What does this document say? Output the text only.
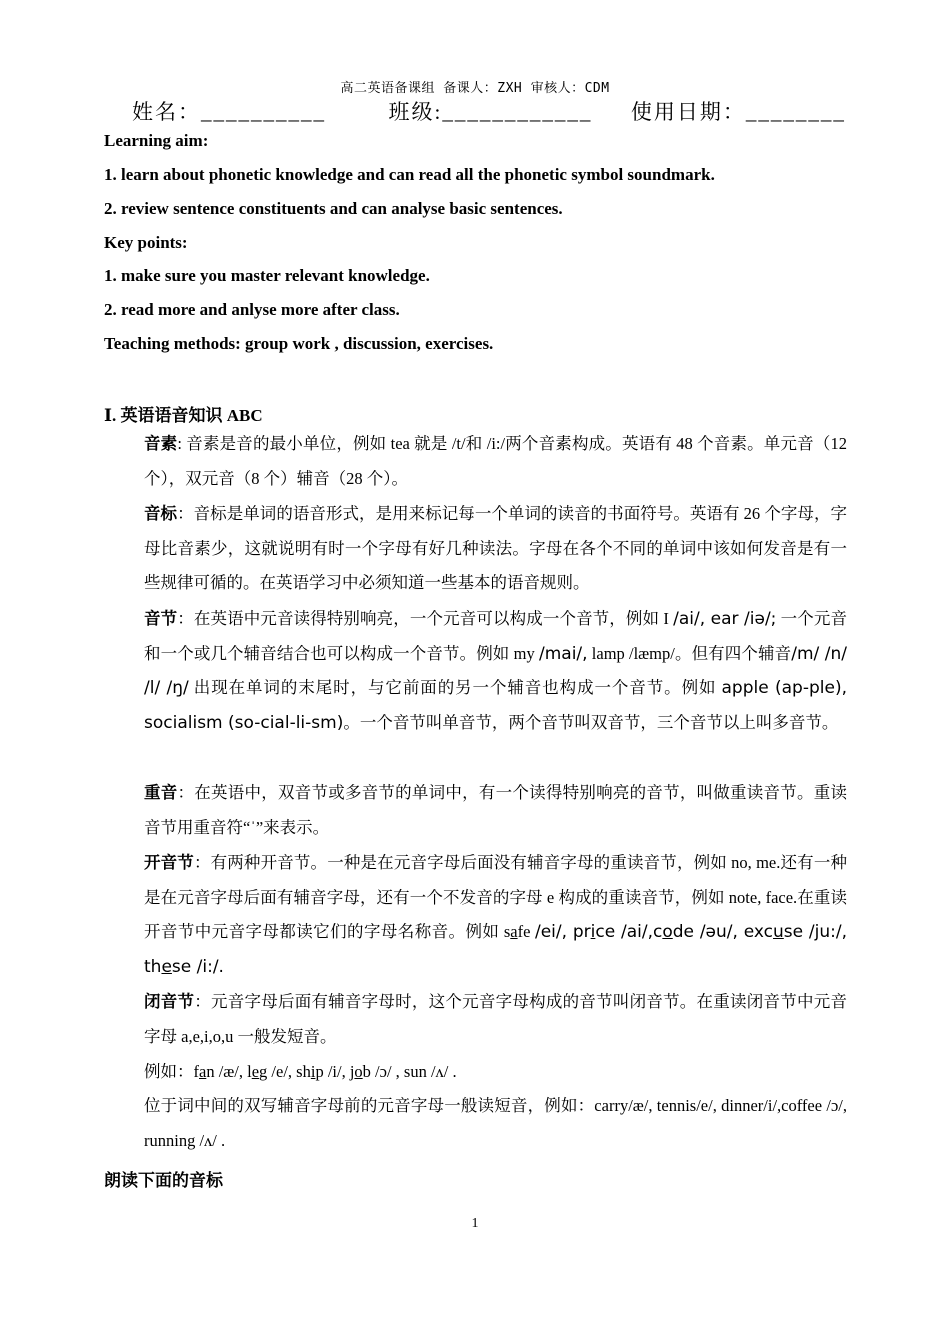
高二英语备课组 备课人：ZXH 审核人：CDM
姓名：__________	班级:____________ 使用日期：________
Learning aim:
1. learn about phonetic knowledge and can read all the phonetic symbol soundmark.
2. review sentence constituents and can analyse basic sentences.
Key points:
1. make sure you master relevant knowledge.
2. read more and anlyse more after class.
Teaching methods: group work , discussion, exercises.
Ⅰ. 英语语音知识 ABC
音素: 音素是音的最小单位，例如 tea 就是 /t/和 /i:/两个音素构成。英语有 48 个音素。单元音（12 个），双元音（8 个）辅音（28 个）。
音标：音标是单词的语音形式，是用来标记每一个单词的读音的书面符号。英语有 26 个字母，字母比音素少，这就说明有时一个字母有好几种读法。字母在各个不同的单词中该如何发音是有一些规律可循的。在英语学习中必须知道一些基本的语音规则。
音节：在英语中元音读得特别响亮，一个元音可以构成一个音节，例如 I /ai/, ear /iə/; 一个元音和一个或几个辅音结合也可以构成一个音节。例如 my /mai/, lamp /læmp/。但有四个辅音/m/ /n/ /l/ /ŋ/ 出现在单词的末尾时，与它前面的另一个辅音也构成一个音节。例如 apple (ap-ple), socialism (so-cial-li-sm)。一个音节叫单音节，两个音节叫双音节，三个音节以上叫多音节。
重音：在英语中，双音节或多音节的单词中，有一个读得特别响亮的音节，叫做重读音节。重读音节用重音符“ˈ”来表示。
开音节：有两种开音节。一种是在元音字母后面没有辅音字母的重读音节，例如 no, me.还有一种是在元音字母后面有辅音字母，还有一个不发音的字母 e 构成的重读音节，例如 note, face.在重读开音节中元音字母都读它们的字母名称音。例如 safe /ei/, price /ai/,code /əu/, excuse /ju:/, these /i:/.
闭音节：元音字母后面有辅音字母时，这个元音字母构成的音节叫闭音节。在重读闭音节中元音字母 a,e,i,o,u 一般发短音。
例如：fan /æ/, leg /e/, ship /i/, job /ɔ/ , sun /ʌ/ .
位于词中间的双写辅音字母前的元音字母一般读短音，例如：carry/æ/, tennis/e/, dinner/i/,coffee /ɔ/, running /ʌ/ .
朗读下面的音标
1
